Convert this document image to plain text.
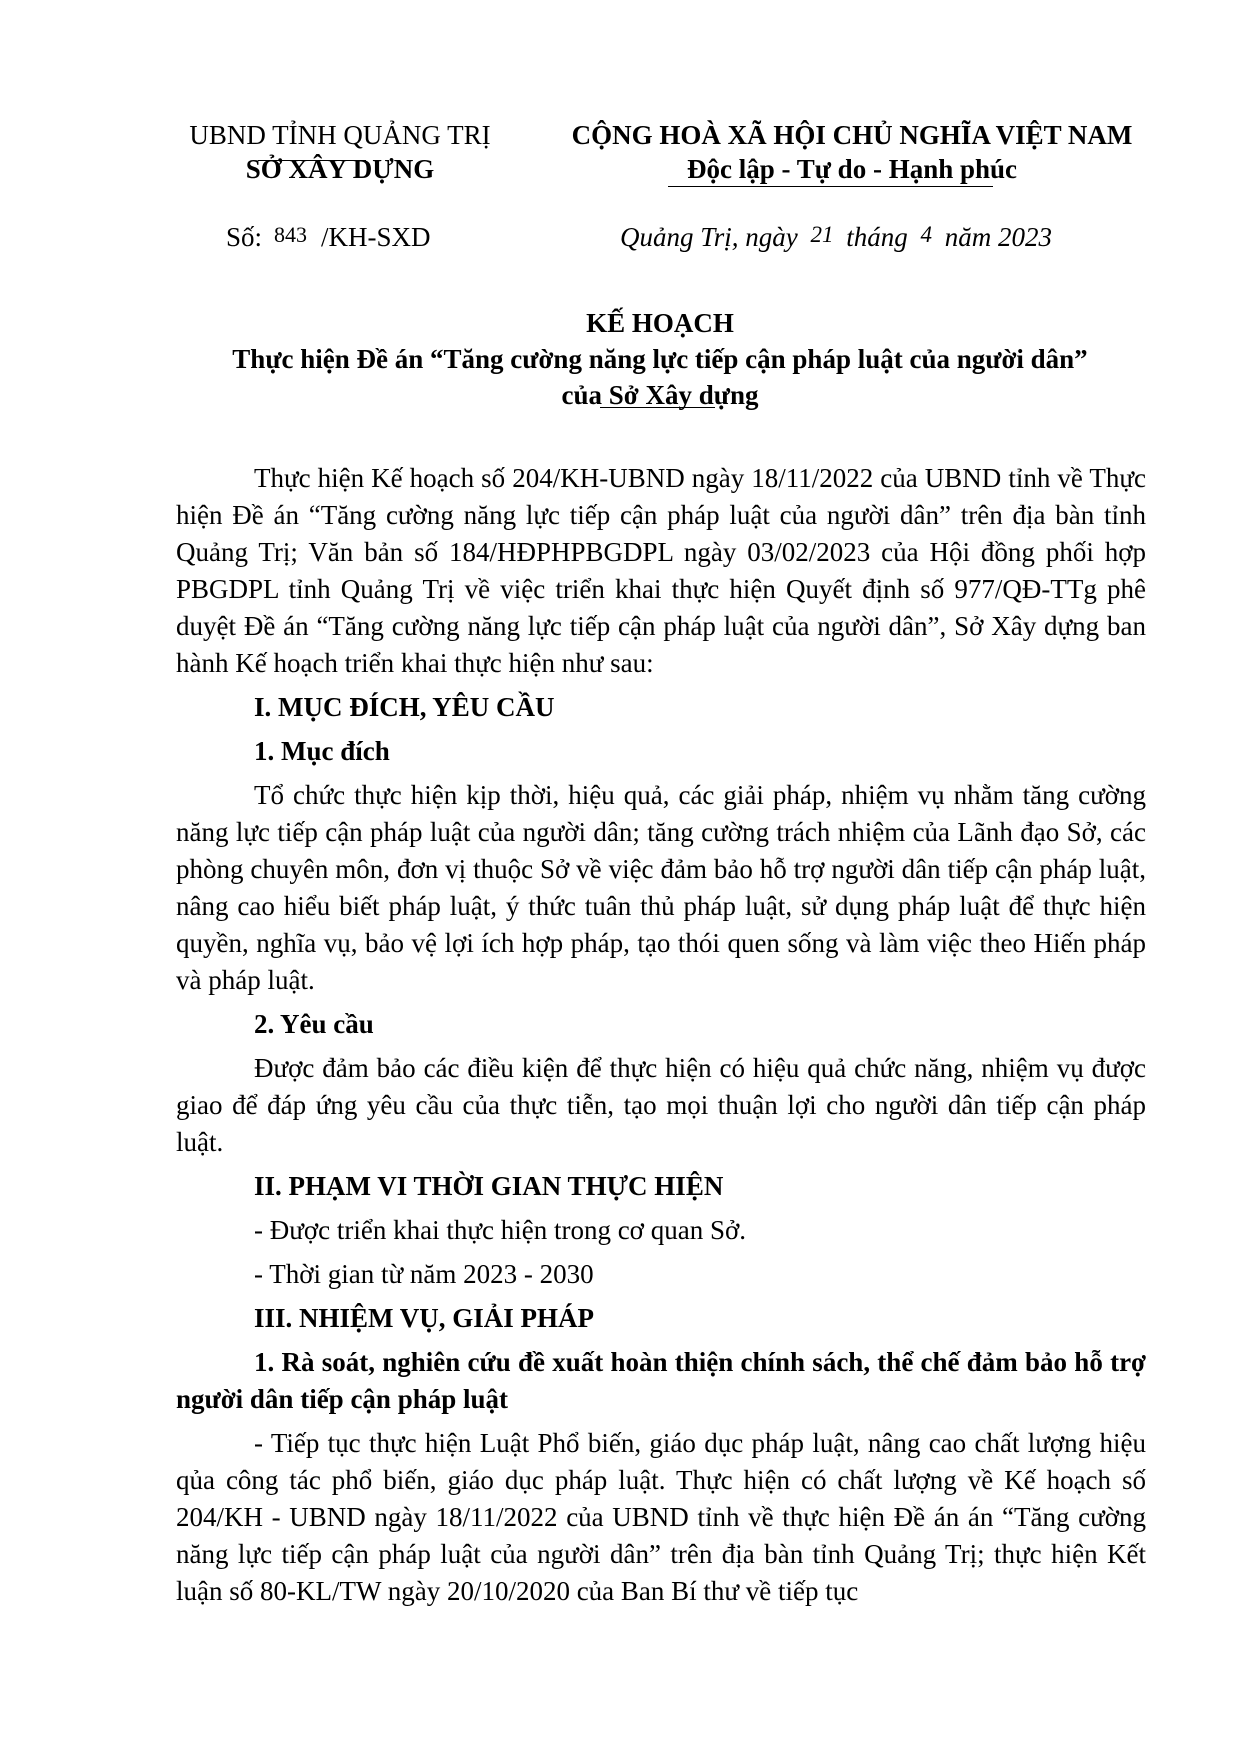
UBND TỈNH QUẢNG TRỊ
SỞ XÂY DỰNG
CỘNG HOÀ XÃ HỘI CHỦ NGHĨA VIỆT NAM
Độc lập - Tự do - Hạnh phúc
Số: 843 /KH-SXD	Quảng Trị, ngày 21 tháng 4 năm 2023
KẾ HOẠCH
Thực hiện Đề án “Tăng cường năng lực tiếp cận pháp luật của người dân”
của Sở Xây dựng

Thực hiện Kế hoạch số 204/KH-UBND ngày 18/11/2022 của UBND tỉnh về Thực hiện Đề án “Tăng cường năng lực tiếp cận pháp luật của người dân” trên địa bàn tỉnh Quảng Trị; Văn bản số 184/HĐPHPBGDPL ngày 03/02/2023 của Hội đồng phối hợp PBGDPL tỉnh Quảng Trị về việc triển khai thực hiện Quyết định số 977/QĐ-TTg phê duyệt Đề án “Tăng cường năng lực tiếp cận pháp luật của người dân”, Sở Xây dựng ban hành Kế hoạch triển khai thực hiện như sau:

I. MỤC ĐÍCH, YÊU CẦU

1. Mục đích

Tổ chức thực hiện kịp thời, hiệu quả, các giải pháp, nhiệm vụ nhằm tăng cường năng lực tiếp cận pháp luật của người dân; tăng cường trách nhiệm của Lãnh đạo Sở, các phòng chuyên môn, đơn vị thuộc Sở về việc đảm bảo hỗ trợ người dân tiếp cận pháp luật, nâng cao hiểu biết pháp luật, ý thức tuân thủ pháp luật, sử dụng pháp luật để thực hiện quyền, nghĩa vụ, bảo vệ lợi ích hợp pháp, tạo thói quen sống và làm việc theo Hiến pháp và pháp luật.

2. Yêu cầu

Được đảm bảo các điều kiện để thực hiện có hiệu quả chức năng, nhiệm vụ được giao để đáp ứng yêu cầu của thực tiễn, tạo mọi thuận lợi cho người dân tiếp cận pháp luật.

II. PHẠM VI THỜI GIAN THỰC HIỆN

- Được triển khai thực hiện trong cơ quan Sở.

- Thời gian từ năm 2023 - 2030

III. NHIỆM VỤ, GIẢI PHÁP

1. Rà soát, nghiên cứu đề xuất hoàn thiện chính sách, thể chế đảm bảo hỗ trợ người dân tiếp cận pháp luật

- Tiếp tục thực hiện Luật Phổ biến, giáo dục pháp luật, nâng cao chất lượng hiệu qủa công tác phổ biến, giáo dục pháp luật. Thực hiện có chất lượng về Kế hoạch số 204/KH - UBND ngày 18/11/2022 của UBND tỉnh về thực hiện Đề án án “Tăng cường năng lực tiếp cận pháp luật của người dân” trên địa bàn tỉnh Quảng Trị; thực hiện Kết luận số 80-KL/TW ngày 20/10/2020 của Ban Bí thư về tiếp tục
